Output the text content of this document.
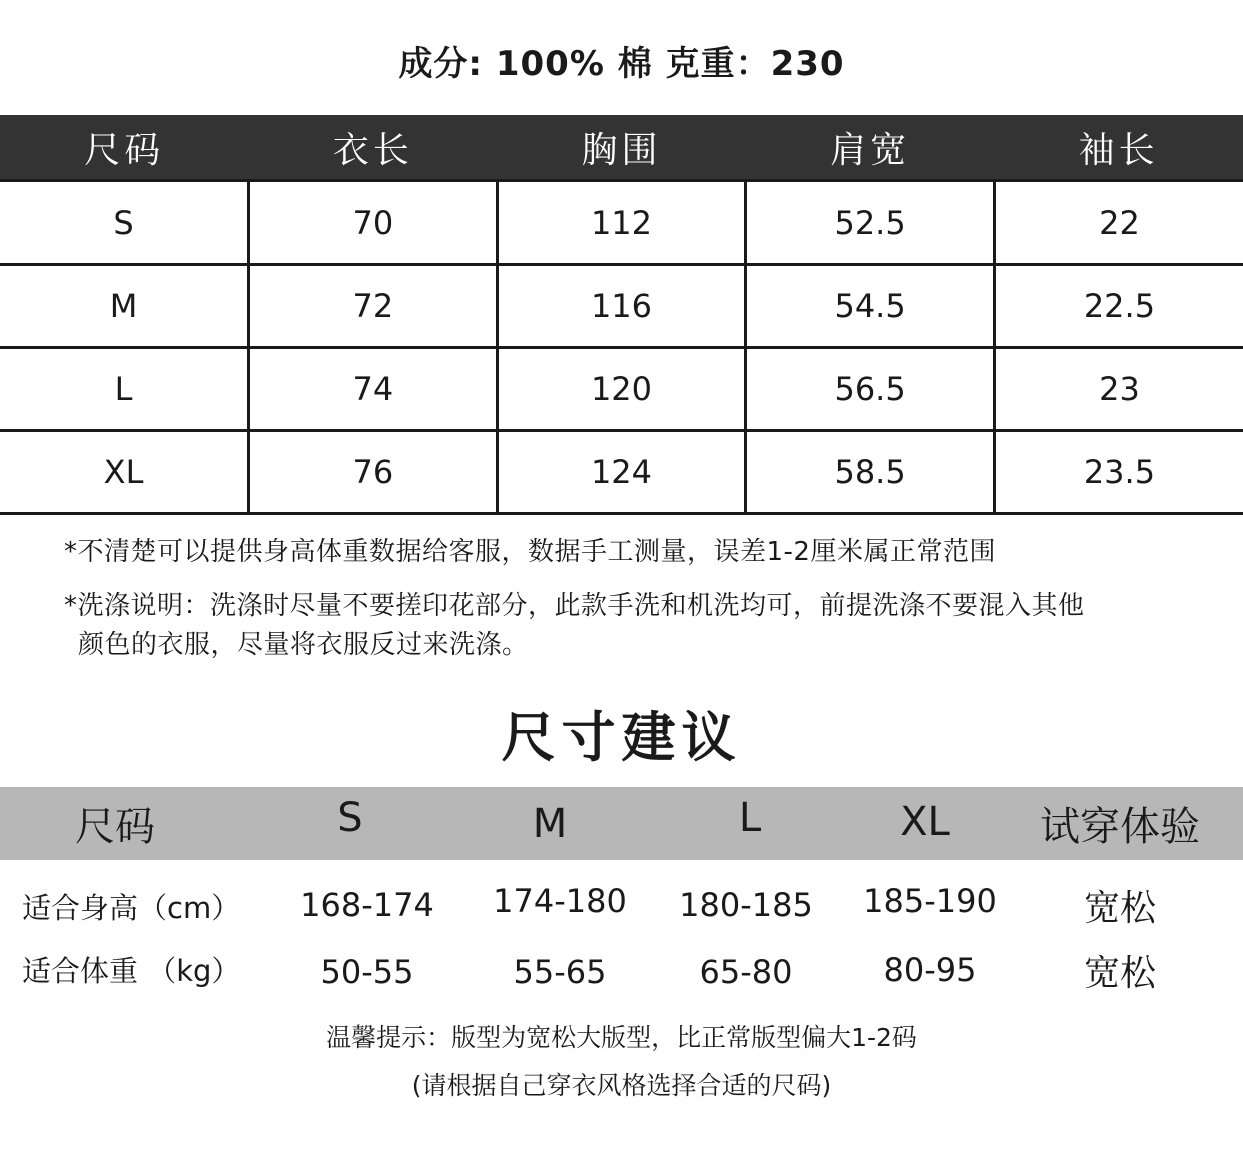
成分: 100% 棉 克重：230
尺码	衣长	胸围	肩宽	袖长
S	70	112	52.5	22
M	72	116	54.5	22.5
L	74	120	56.5	23
XL	76	124	58.5	23.5
*不清楚可以提供身高体重数据给客服，数据手工测量，误差1-2厘米属正常范围
*洗涤说明：洗涤时尽量不要搓印花部分，此款手洗和机洗均可，前提洗涤不要混入其他
颜色的衣服，尽量将衣服反过来洗涤。
尺寸建议
尺码	S	M	L	XL	试穿体验
适合身高（cm）	168-174	174-180	180-185	185-190	宽松
适合体重 （kg）	50-55	55-65	65-80	80-95	宽松
温馨提示：版型为宽松大版型，比正常版型偏大1-2码
(请根据自己穿衣风格选择合适的尺码)
